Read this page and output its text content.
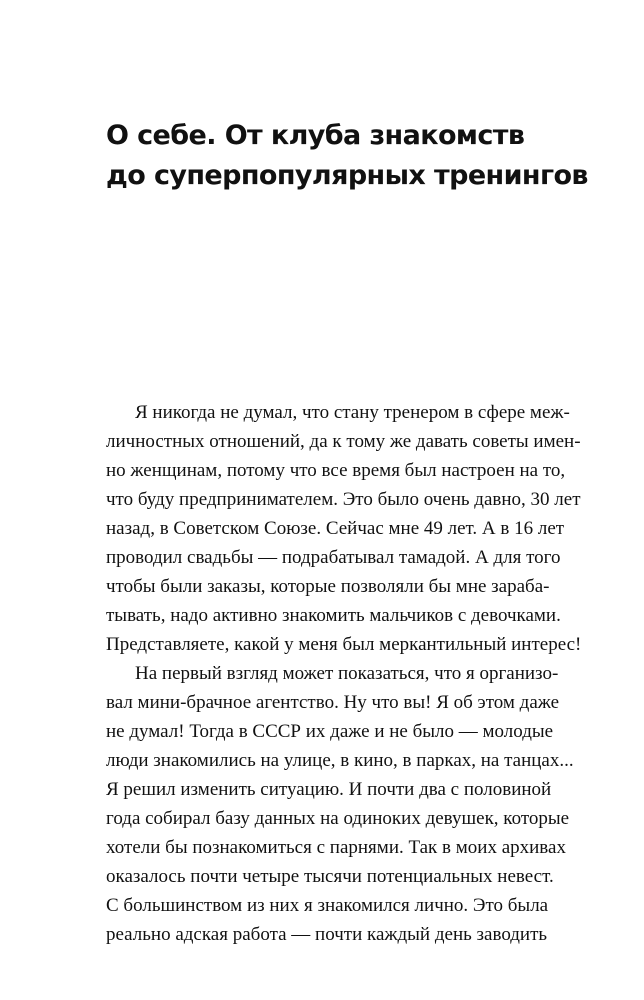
О себе. От клуба знакомств
до суперпопулярных тренингов

Я никогда не думал, что стану тренером в сфере меж-
личностных отношений, да к тому же давать советы имен-
но женщинам, потому что все время был настроен на то,
что буду предпринимателем. Это было очень давно, 30 лет
назад, в Советском Союзе. Сейчас мне 49 лет. А в 16 лет
проводил свадьбы — подрабатывал тамадой. А для того
чтобы были заказы, которые позволяли бы мне зараба-
тывать, надо активно знакомить мальчиков с девочками.
Представляете, какой у меня был меркантильный интерес!

На первый взгляд может показаться, что я организо-
вал мини-брачное агентство. Ну что вы! Я об этом даже
не думал! Тогда в СССР их даже и не было — молодые
люди знакомились на улице, в кино, в парках, на танцах...
Я решил изменить ситуацию. И почти два с половиной
года собирал базу данных на одиноких девушек, которые
хотели бы познакомиться с парнями. Так в моих архивах
оказалось почти четыре тысячи потенциальных невест.
С большинством из них я знакомился лично. Это была
реально адская работа — почти каждый день заводить
